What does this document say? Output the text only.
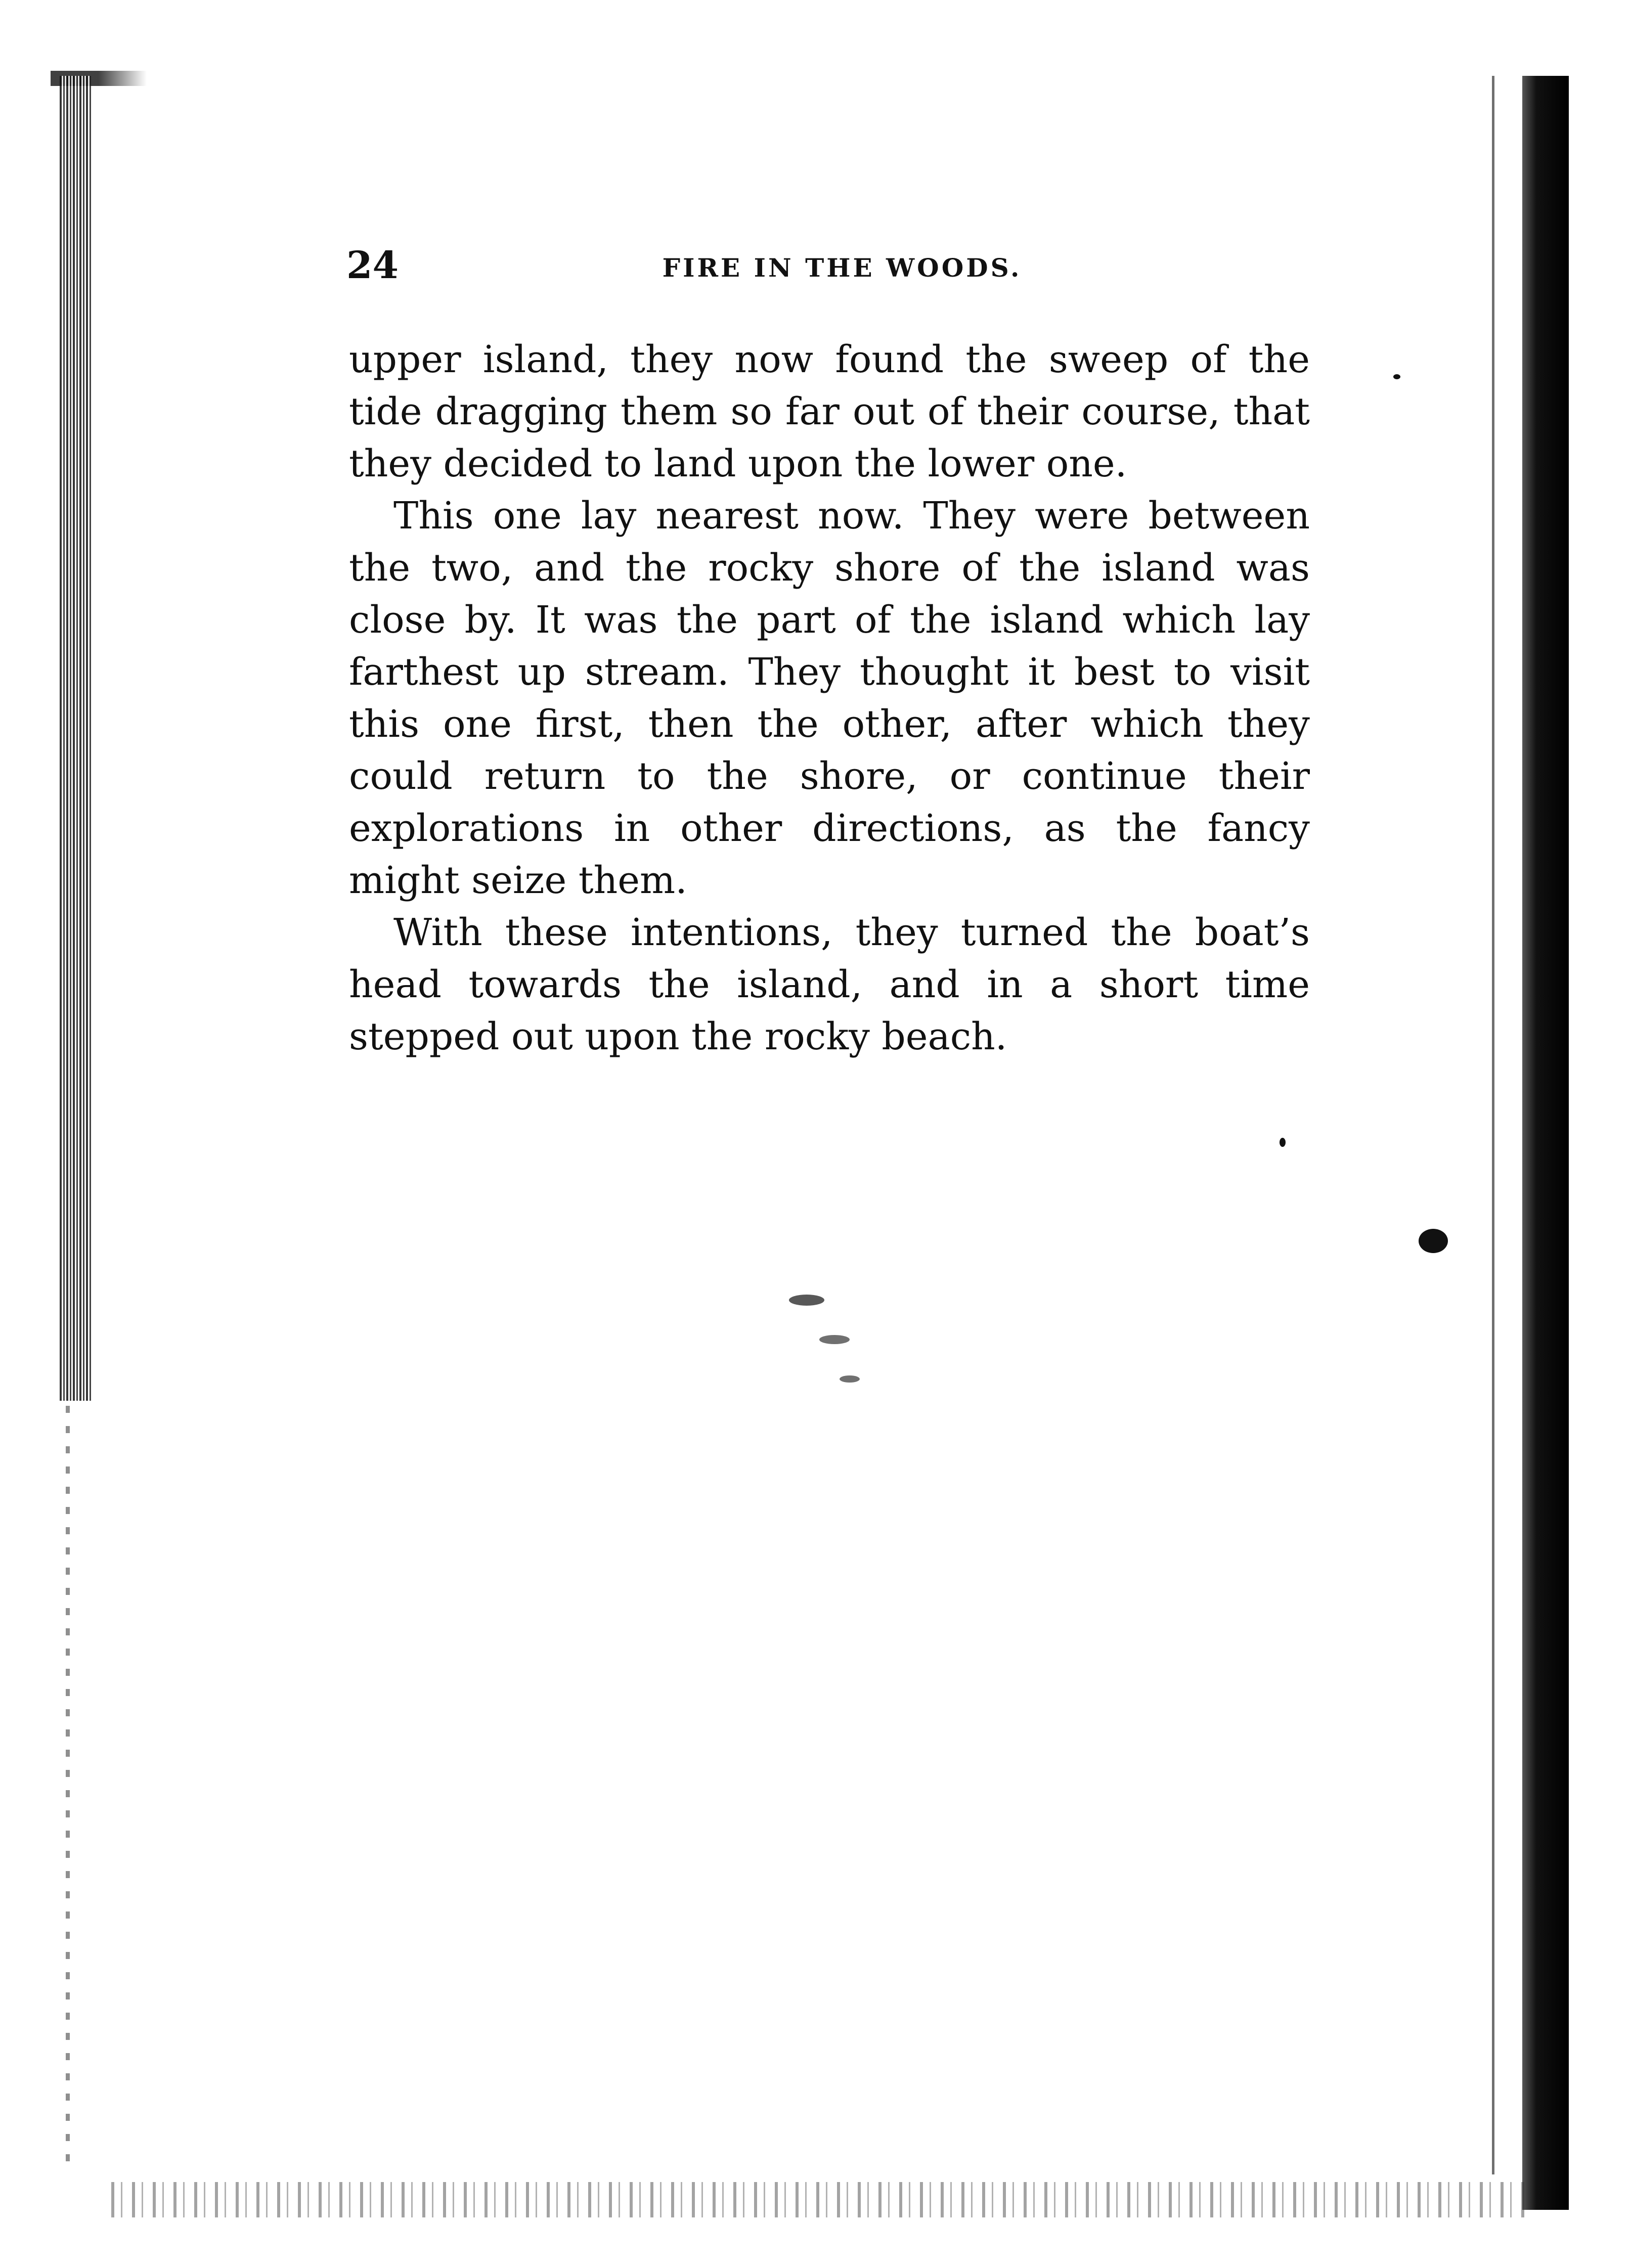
24	FIRE IN THE WOODS.

upper island, they now found the sweep of the tide dragging them so far out of their course, that they decided to land upon the lower one.

This one lay nearest now. They were between the two, and the rocky shore of the island was close by. It was the part of the island which lay farthest up stream. They thought it best to visit this one first, then the other, after which they could return to the shore, or continue their explorations in other directions, as the fancy might seize them.

With these intentions, they turned the boat’s head towards the island, and in a short time stepped out upon the rocky beach.
